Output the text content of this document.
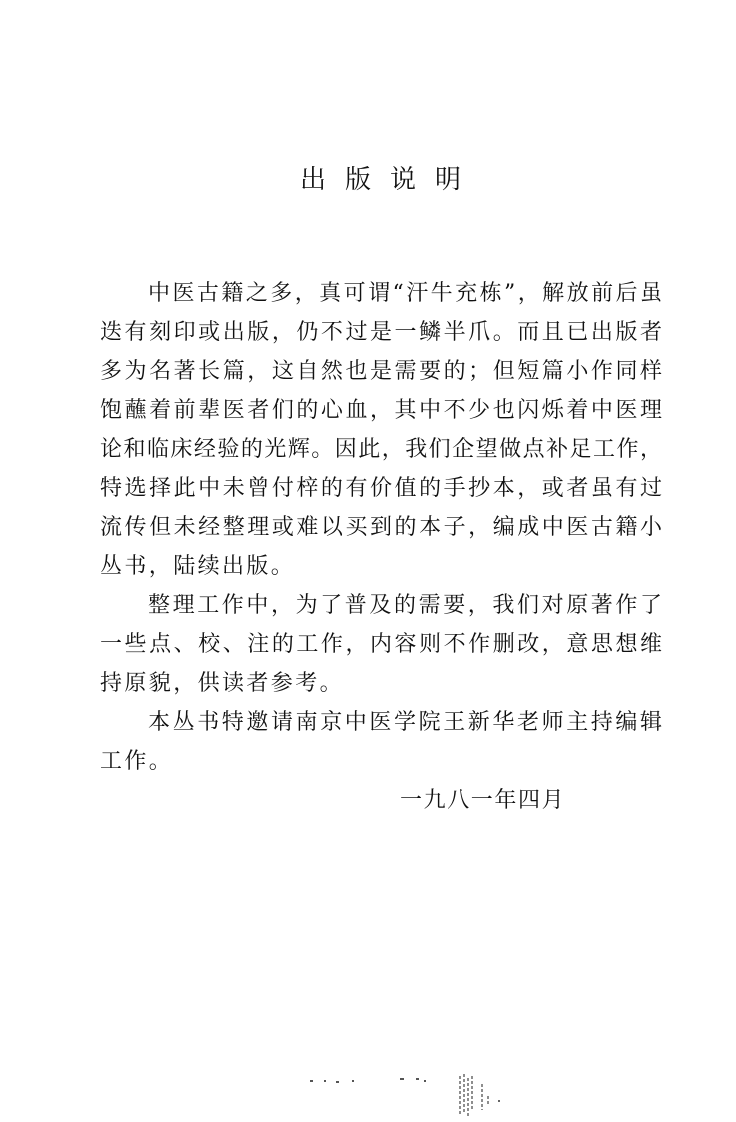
出版说明
中医古籍之多，真可谓“汗牛充栋”，解放前后虽
迭有刻印或出版，仍不过是一鳞半爪。而且已出版者
多为名著长篇，这自然也是需要的；但短篇小作同样
饱蘸着前辈医者们的心血，其中不少也闪烁着中医理
论和临床经验的光辉。因此，我们企望做点补足工作，
特选择此中未曾付梓的有价值的手抄本，或者虽有过
流传但未经整理或难以买到的本子，编成中医古籍小
丛书，陆续出版。
整理工作中，为了普及的需要，我们对原著作了
一些点、校、注的工作，内容则不作删改，意思想维
持原貌，供读者参考。
本丛书特邀请南京中医学院王新华老师主持编辑
工作。
一九八一年四月
